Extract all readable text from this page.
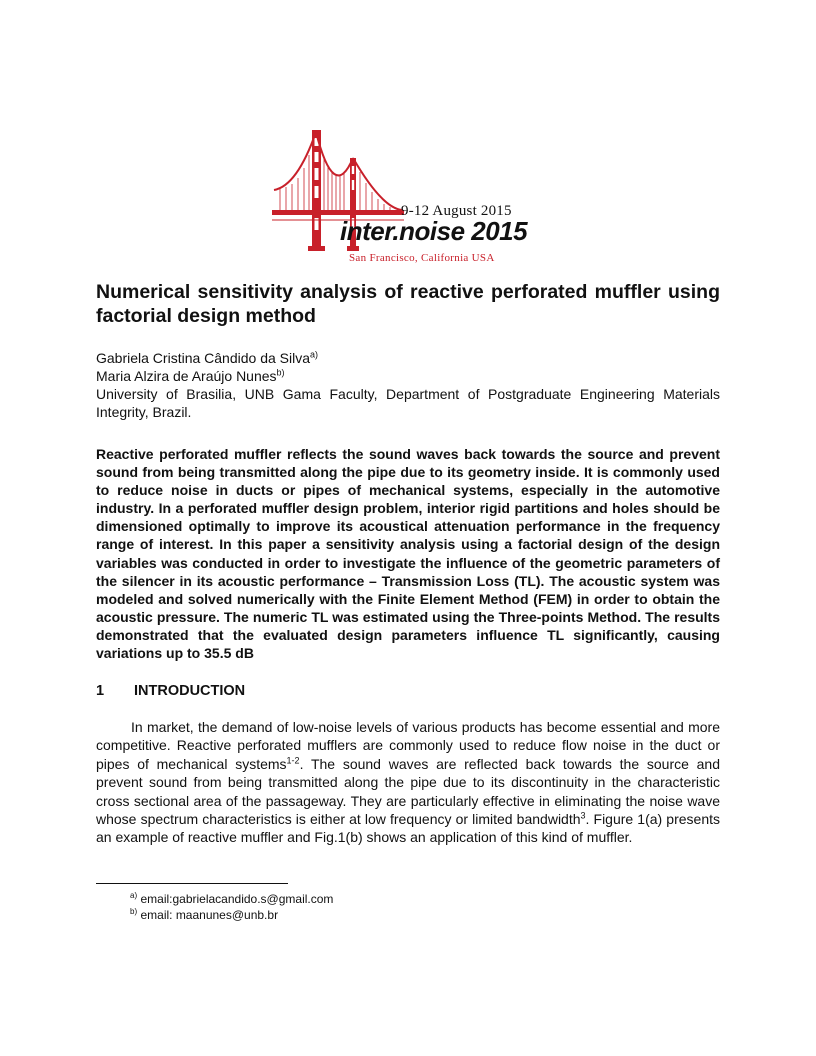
9-12 August 2015
inter.noise 2015
San Francisco, California USA
Numerical sensitivity analysis of reactive perforated muffler using factorial design method
Gabriela Cristina Cândido da Silva$^{a)}$
Maria Alzira de Araújo Nunes$^{b)}$
University of Brasilia, UNB Gama Faculty, Department of Postgraduate Engineering Materials Integrity, Brazil.
Reactive perforated muffler reflects the sound waves back towards the source and prevent sound from being transmitted along the pipe due to its geometry inside. It is commonly used to reduce noise in ducts or pipes of mechanical systems, especially in the automotive industry. In a perforated muffler design problem, interior rigid partitions and holes should be dimensioned optimally to improve its acoustical attenuation performance in the frequency range of interest. In this paper a sensitivity analysis using a factorial design of the design variables was conducted in order to investigate the influence of the geometric parameters of the silencer in its acoustic performance – Transmission Loss (TL). The acoustic system was modeled and solved numerically with the Finite Element Method (FEM) in order to obtain the acoustic pressure. The numeric TL was estimated using the Three-points Method. The results demonstrated that the evaluated design parameters influence TL significantly, causing variations up to 35.5 dB
1 INTRODUCTION

In market, the demand of low-noise levels of various products has become essential and more competitive. Reactive perforated mufflers are commonly used to reduce flow noise in the duct or pipes of mechanical systems$^{1-2}$. The sound waves are reflected back towards the source and prevent sound from being transmitted along the pipe due to its discontinuity in the characteristic cross sectional area of the passageway. They are particularly effective in eliminating the noise wave whose spectrum characteristics is either at low frequency or limited bandwidth$^3$. Figure 1(a) presents an example of reactive muffler and Fig.1(b) shows an application of this kind of muffler.

$^{a)}$ email:gabrielacandido.s@gmail.com
$^{b)}$ email: maanunes@unb.br
